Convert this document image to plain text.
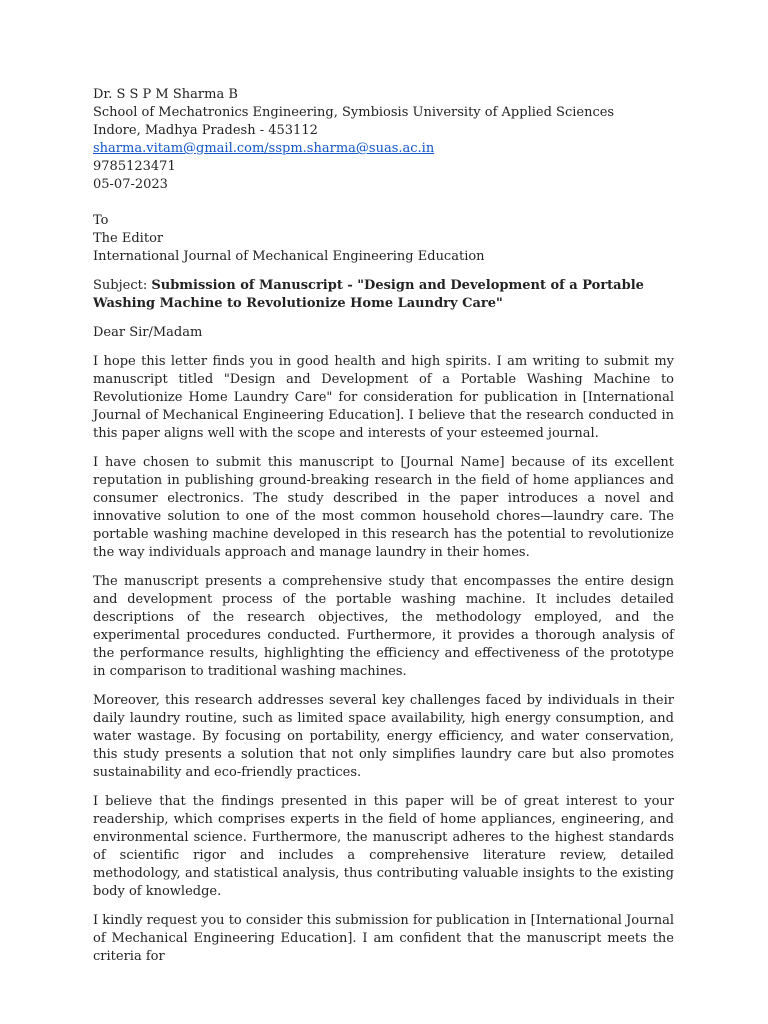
Dr. S S P M Sharma B
School of Mechatronics Engineering, Symbiosis University of Applied Sciences
Indore, Madhya Pradesh - 453112
sharma.vitam@gmail.com/sspm.sharma@suas.ac.in
9785123471
05-07-2023
To
The Editor
International Journal of Mechanical Engineering Education
Subject: Submission of Manuscript - "Design and Development of a Portable Washing Machine to Revolutionize Home Laundry Care"
Dear Sir/Madam

I hope this letter finds you in good health and high spirits. I am writing to submit my manuscript titled "Design and Development of a Portable Washing Machine to Revolutionize Home Laundry Care" for consideration for publication in [International Journal of Mechanical Engineering Education]. I believe that the research conducted in this paper aligns well with the scope and interests of your esteemed journal.

I have chosen to submit this manuscript to [Journal Name] because of its excellent reputation in publishing ground-breaking research in the field of home appliances and consumer electronics. The study described in the paper introduces a novel and innovative solution to one of the most common household chores—laundry care. The portable washing machine developed in this research has the potential to revolutionize the way individuals approach and manage laundry in their homes.

The manuscript presents a comprehensive study that encompasses the entire design and development process of the portable washing machine. It includes detailed descriptions of the research objectives, the methodology employed, and the experimental procedures conducted. Furthermore, it provides a thorough analysis of the performance results, highlighting the efficiency and effectiveness of the prototype in comparison to traditional washing machines.

Moreover, this research addresses several key challenges faced by individuals in their daily laundry routine, such as limited space availability, high energy consumption, and water wastage. By focusing on portability, energy efficiency, and water conservation, this study presents a solution that not only simplifies laundry care but also promotes sustainability and eco-friendly practices.

I believe that the findings presented in this paper will be of great interest to your readership, which comprises experts in the field of home appliances, engineering, and environmental science. Furthermore, the manuscript adheres to the highest standards of scientific rigor and includes a comprehensive literature review, detailed methodology, and statistical analysis, thus contributing valuable insights to the existing body of knowledge.

I kindly request you to consider this submission for publication in [International Journal of Mechanical Engineering Education]. I am confident that the manuscript meets the criteria for
